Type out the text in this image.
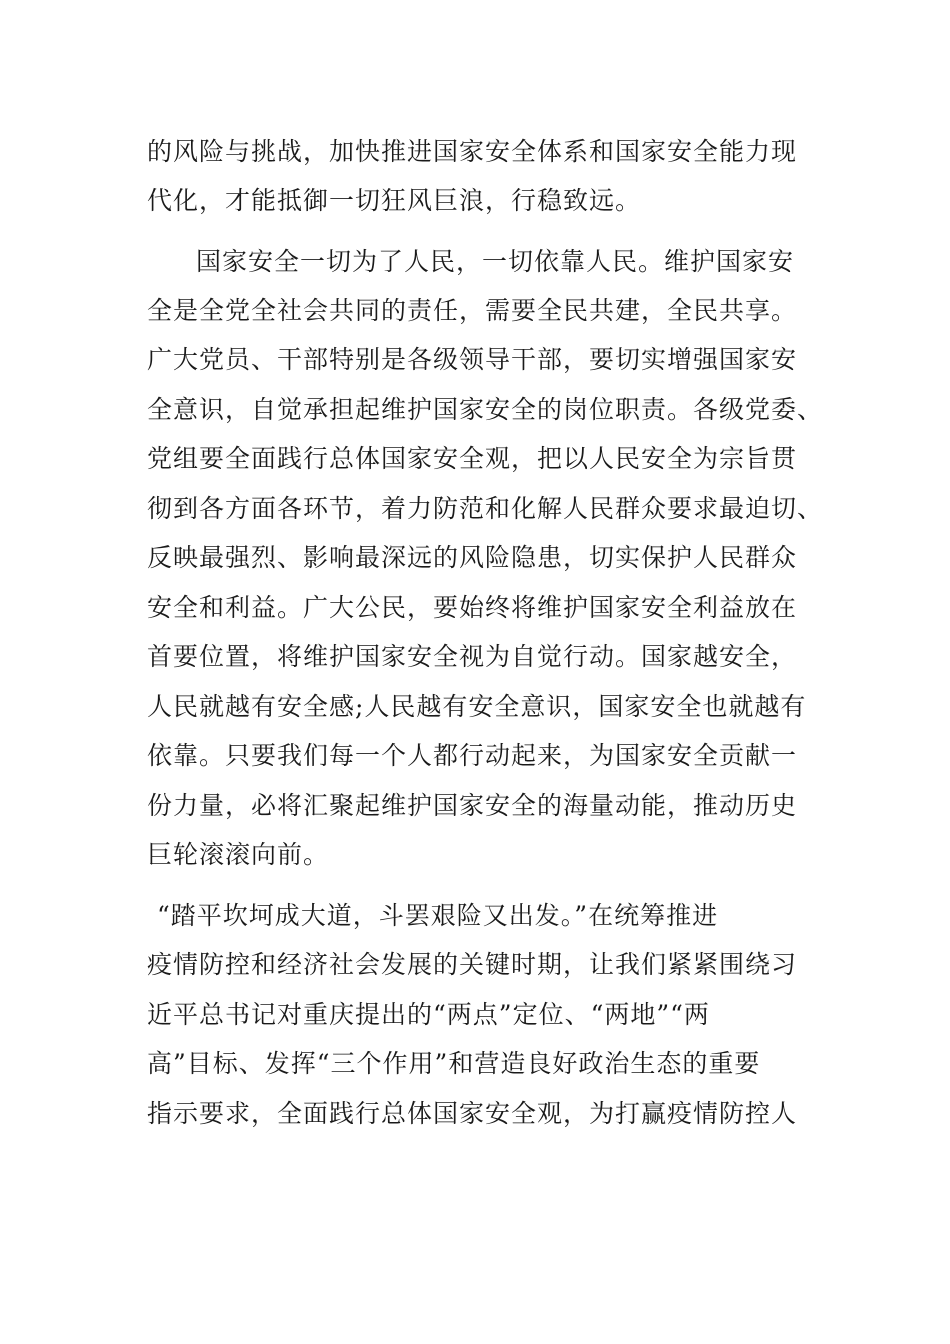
的风险与挑战，加快推进国家安全体系和国家安全能力现
代化，才能抵御一切狂风巨浪，行稳致远。
国家安全一切为了人民，一切依靠人民。维护国家安
全是全党全社会共同的责任，需要全民共建，全民共享。
广大党员、干部特别是各级领导干部，要切实增强国家安
全意识，自觉承担起维护国家安全的岗位职责。各级党委、
党组要全面践行总体国家安全观，把以人民安全为宗旨贯
彻到各方面各环节，着力防范和化解人民群众要求最迫切、
反映最强烈、影响最深远的风险隐患，切实保护人民群众
安全和利益。广大公民，要始终将维护国家安全利益放在
首要位置，将维护国家安全视为自觉行动。国家越安全，
人民就越有安全感;人民越有安全意识，国家安全也就越有
依靠。只要我们每一个人都行动起来，为国家安全贡献一
份力量，必将汇聚起维护国家安全的海量动能，推动历史
巨轮滚滚向前。
“踏平坎坷成大道，斗罢艰险又出发。”在统筹推进
疫情防控和经济社会发展的关键时期，让我们紧紧围绕习
近平总书记对重庆提出的“两点”定位、“两地”“两
高”目标、发挥“三个作用”和营造良好政治生态的重要
指示要求，全面践行总体国家安全观，为打赢疫情防控人
